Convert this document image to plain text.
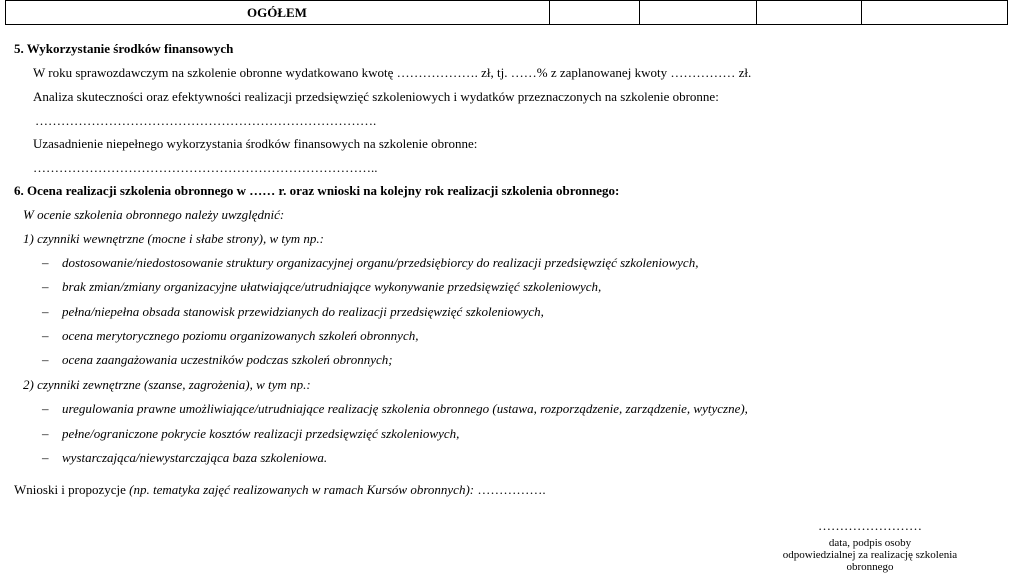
OGÓŁEM				
5. Wykorzystanie środków finansowych
W roku sprawozdawczym na szkolenie obronne wydatkowano kwotę ………………. zł, tj. ……% z zaplanowanej kwoty …………… zł.
Analiza skuteczności oraz efektywności realizacji przedsięwzięć szkoleniowych i wydatków przeznaczonych na szkolenie obronne:
…………………………………………………………………….
Uzasadnienie niepełnego wykorzystania środków finansowych na szkolenie obronne:
……………………………………………………………………..
6. Ocena realizacji szkolenia obronnego w …… r. oraz wnioski na kolejny rok realizacji szkolenia obronnego:
W ocenie szkolenia obronnego należy uwzględnić:
1) czynniki wewnętrzne (mocne i słabe strony), w tym np.:
– dostosowanie/niedostosowanie struktury organizacyjnej organu/przedsiębiorcy do realizacji przedsięwzięć szkoleniowych,
– brak zmian/zmiany organizacyjne ułatwiające/utrudniające wykonywanie przedsięwzięć szkoleniowych,
– pełna/niepełna obsada stanowisk przewidzianych do realizacji przedsięwzięć szkoleniowych,
– ocena merytorycznego poziomu organizowanych szkoleń obronnych,
– ocena zaangażowania uczestników podczas szkoleń obronnych;
2) czynniki zewnętrzne (szanse, zagrożenia), w tym np.:
– uregulowania prawne umożliwiające/utrudniające realizację szkolenia obronnego (ustawa, rozporządzenie, zarządzenie, wytyczne),
– pełne/ograniczone pokrycie kosztów realizacji przedsięwzięć szkoleniowych,
– wystarczająca/niewystarczająca baza szkoleniowa.
Wnioski i propozycje (np. tematyka zajęć realizowanych w ramach Kursów obronnych): …………….
……………………
data, podpis osoby
odpowiedzialnej za realizację szkolenia
obronnego
